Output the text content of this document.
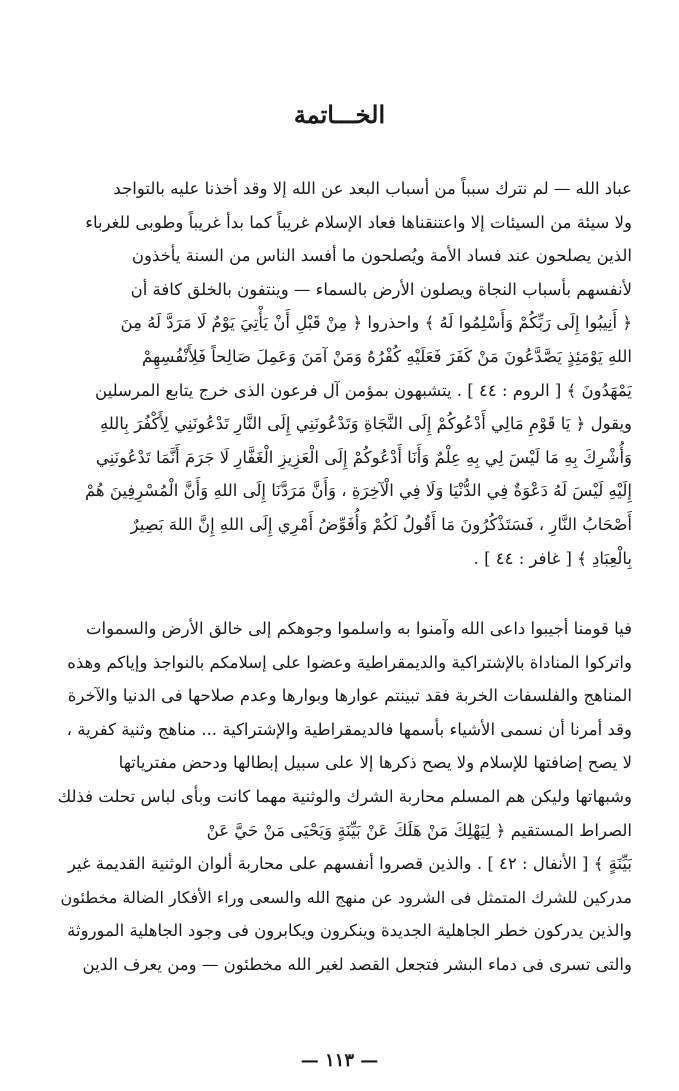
الخـــاتمة

عباد الله — لم نترك سبباً من أسباب البعد عن الله إلا وقد أخذنا عليه بالتواجد
ولا سيئة من السيئات إلا واعتنقناها فعاد الإسلام غريباً كما بدأ غريباً وطوبى للغرباء
الذين يصلحون عند فساد الأمة ويُصلحون ما أفسد الناس من السنة يأخذون
لأنفسهم بأسباب النجاة ويصلون الأرض بالسماء — وينتفون بالخلق كافة أن
﴿ أَنِيبُوا إِلَى رَبِّكُمْ وَأَسْلِمُوا لَهُ ﴾ واحذروا ﴿ مِنْ قَبْلِ أَنْ يَأْتِيَ يَوْمٌ لَا مَرَدَّ لَهُ مِنَ
اللهِ يَوْمَئِذٍ يَصَّدَّعُونَ مَنْ كَفَرَ فَعَلَيْهِ كُفْرُهُ وَمَنْ آمَنَ وَعَمِلَ صَالِحاً فَلِأَنْفُسِهِمْ
يَمْهَدُونَ ﴾ [ الروم : ٤٤ ] . يتشبهون بمؤمن آل فرعون الذى خرج يتابع المرسلين
ويقول ﴿ يَا قَوْمِ مَالِي أَدْعُوكُمْ إِلَى النَّجَاةِ وَتَدْعُونَنِي إِلَى النَّارِ تَدْعُونَنِي لِأَكْفُرَ بِاللهِ
وَأُشْرِكَ بِهِ مَا لَيْسَ لِي بِهِ عِلْمٌ وَأَنَا أَدْعُوكُمْ إِلَى الْعَزِيزِ الْغَفَّارِ لَا جَرَمَ أَنَّمَا تَدْعُونَنِي
إِلَيْهِ لَيْسَ لَهُ دَعْوَةٌ فِي الدُّنْيَا وَلَا فِي الْآخِرَةِ ، وَأَنَّ مَرَدَّنَا إِلَى اللهِ وَأَنَّ الْمُسْرِفِينَ هُمْ
أَصْحَابُ النَّارِ ، فَسَتَذْكُرُونَ مَا أَقُولُ لَكُمْ وَأُفَوِّضُ أَمْرِي إِلَى اللهِ إِنَّ اللهَ بَصِيرٌ
بِالْعِبَادِ ﴾ [ غافر : ٤٤ ] .

فيا قومنا أجيبوا داعى الله وآمنوا به واسلموا وجوهكم إلى خالق الأرض والسموات
واتركوا المناداة بالإشتراكية والديمقراطية وعضوا على إسلامكم بالنواجذ وإياكم وهذه
المناهج والفلسفات الخربة فقد تبينتم عوارها وبوارها وعدم صلاحها فى الدنيا والآخرة
وقد أمرنا أن نسمى الأشياء بأسمها فالديمقراطية والإشتراكية ... مناهج وثنية كفرية ،
لا يصح إضافتها للإسلام ولا يصح ذكرها إلا على سبيل إبطالها ودحض مفترياتها
وشبهاتها وليكن هم المسلم محاربة الشرك والوثنية مهما كانت وبأى لباس تحلت فذلك
الصراط المستقيم ﴿ لِيَهْلِكَ مَنْ هَلَكَ عَنْ بَيِّنَةٍ وَيَحْيَى مَنْ حَيَّ عَنْ
بَيِّنَةٍ ﴾ [ الأنفال : ٤٢ ] . والذين قصروا أنفسهم على محاربة ألوان الوثنية القديمة غير
مدركين للشرك المتمثل فى الشرود عن منهج الله والسعى وراء الأفكار الضالة مخطئون
والذين يدركون خطر الجاهلية الجديدة وينكرون ويكابرون فى وجود الجاهلية الموروثة
والتى تسرى فى دماء البشر فتجعل القصد لغير الله مخطئون — ومن يعرف الدين

— ١١٣ —
